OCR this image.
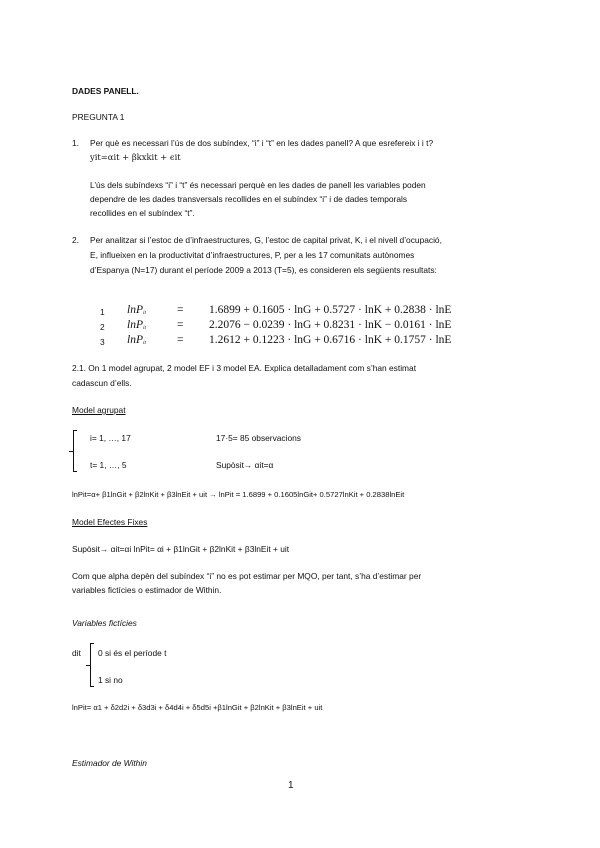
DADES PANELL.
PREGUNTA 1
1. Per què es necessari l’ús de dos subíndex, “i” i “t” en les dades panell? A que esrefereix i i t?
yit=αit + βkxkit + ϵit
L’ús dels subíndexs “i” i “t” és necessari perquè en les dades de panell les variables poden
dependre de les dades transversals recollides en el subíndex “i” i de dades temporals
recollides en el subíndex “t”.
2. Per analitzar si l’estoc de d’infraestructures, G, l’estoc de capital privat, K, i el nivell d’ocupació,
E, influeixen en la productivitat d’infraestructures, P, per a les 17 comunitats autònomes
d’Espanya (N=17) durant el període 2009 a 2013 (T=5), es consideren els següents resultats:
1 lnP$_{it}$	= 1.6899 + 0.1605 · lnG + 0.5727 · lnK + 0.2838 · lnE
2 lnP$_{it}$	= 2.2076 − 0.0239 · lnG + 0.8231 · lnK − 0.0161 · lnE
3 lnP$_{it}$	= 1.2612 + 0.1223 · lnG + 0.6716 · lnK + 0.1757 · lnE
2.1. On 1 model agrupat, 2 model EF i 3 model EA. Explica detalladament com s’han estimat
cadascun d’ells.
Model agrupat
i= 1, …, 17	17·5= 85 observacions
t= 1, …, 5	Supòsit→ αit=α
lnPit=α+ β1lnGit + β2lnKit + β3lnEit + uit → lnPit = 1.6899 + 0.1605lnGit+ 0.5727lnKit + 0.2838lnEit
Model Efectes Fixes
Supòsit→ αit=αi lnPit= αi + β1lnGit + β2lnKit + β3lnEit + uit
Com que alpha depèn del subíndex “i” no es pot estimar per MQO, per tant, s’ha d’estimar per
variables fictícies o estimador de Within.
Variables fictícies
dit 0 si és el període t
1 si no
lnPit= α1 + δ2d2i + δ3d3i + δ4d4i + δ5d5i +β1lnGit + β2lnKit + β3lnEit + uit
Estimador de Within
1
